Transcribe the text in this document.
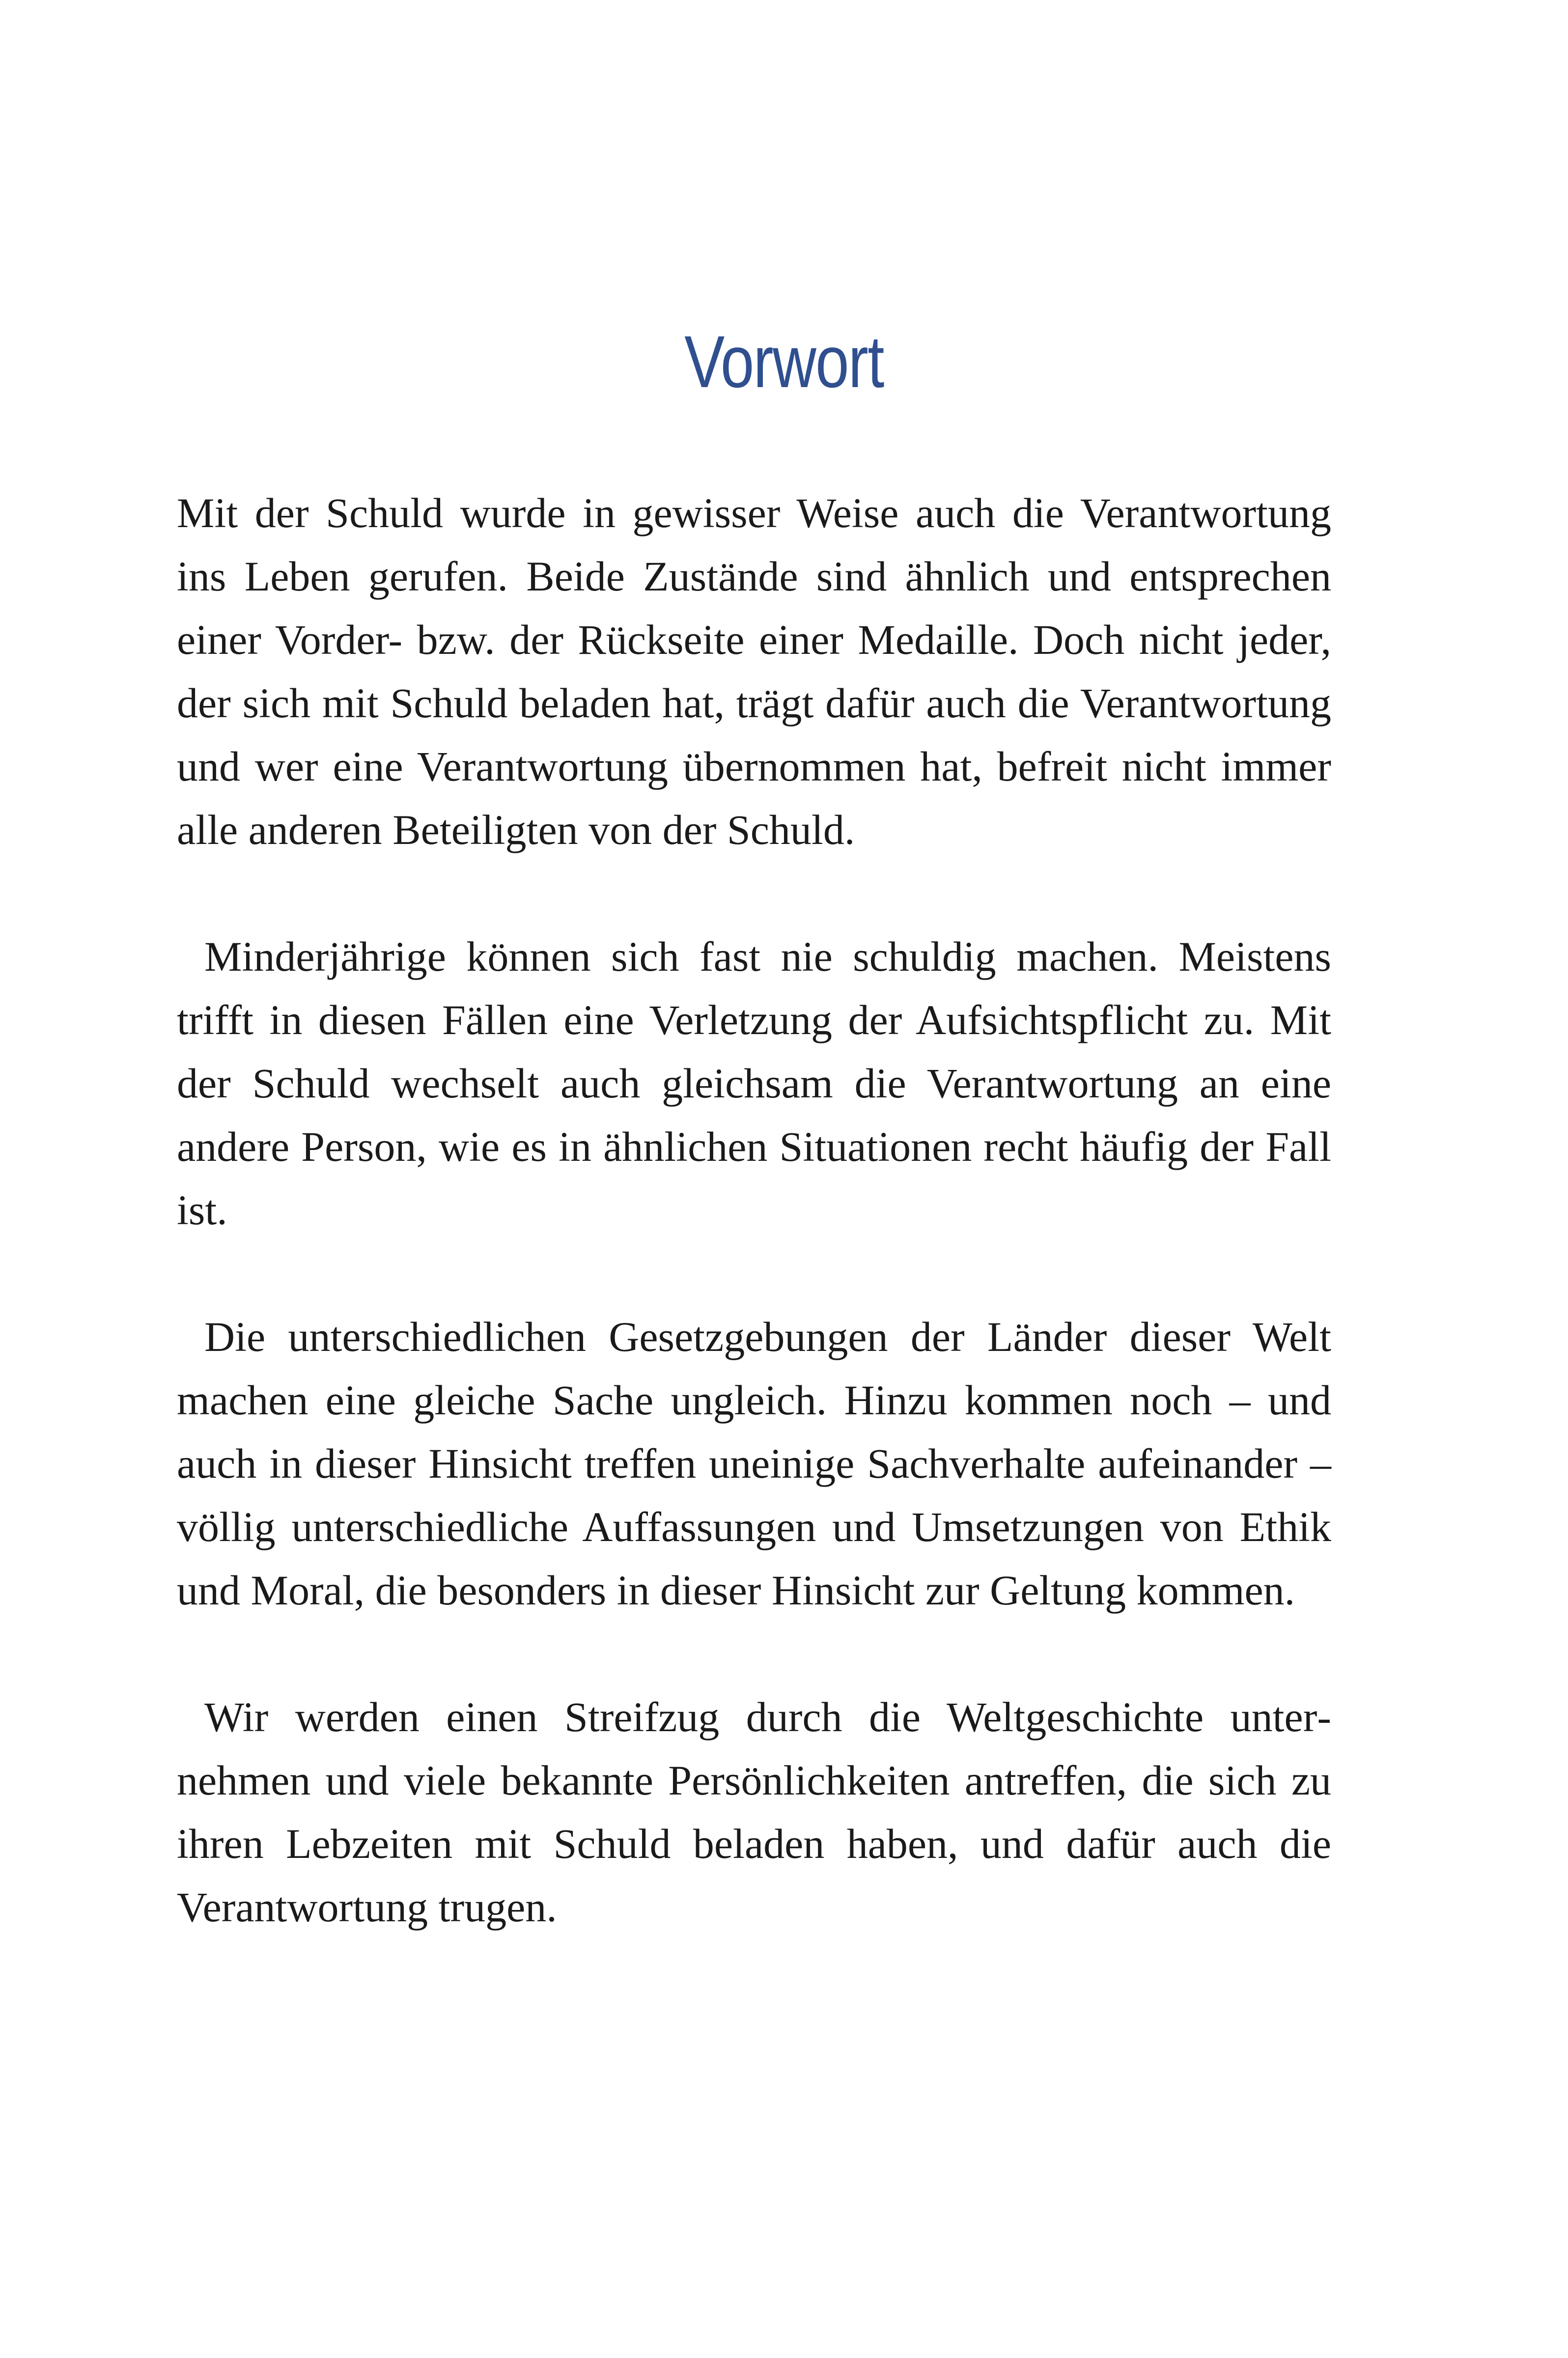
Vorwort

Mit der Schuld wurde in gewisser Weise auch die Verantwortung ins Leben gerufen. Beide Zustände sind ähnlich und entsprechen einer Vorder- bzw. der Rückseite einer Medaille. Doch nicht jeder, der sich mit Schuld beladen hat, trägt dafür auch die Verantwortung und wer eine Verantwortung übernommen hat, befreit nicht immer alle anderen Beteiligten von der Schuld.

Minderjährige können sich fast nie schuldig machen. Meistens trifft in diesen Fällen eine Verletzung der Aufsichtspflicht zu. Mit der Schuld wechselt auch gleichsam die Verantwortung an eine andere Person, wie es in ähnlichen Situationen recht häufig der Fall ist.

Die unterschiedlichen Gesetzgebungen der Länder dieser Welt machen eine gleiche Sache ungleich. Hinzu kommen noch – und auch in dieser Hinsicht treffen uneinige Sachverhalte aufeinander – völlig unterschiedliche Auffassungen und Umsetzungen von Ethik und Moral, die besonders in dieser Hinsicht zur Geltung kommen.

Wir werden einen Streifzug durch die Weltgeschichte unternehmen und viele bekannte Persönlichkeiten antreffen, die sich zu ihren Lebzeiten mit Schuld beladen haben, und dafür auch die Verantwortung trugen.
